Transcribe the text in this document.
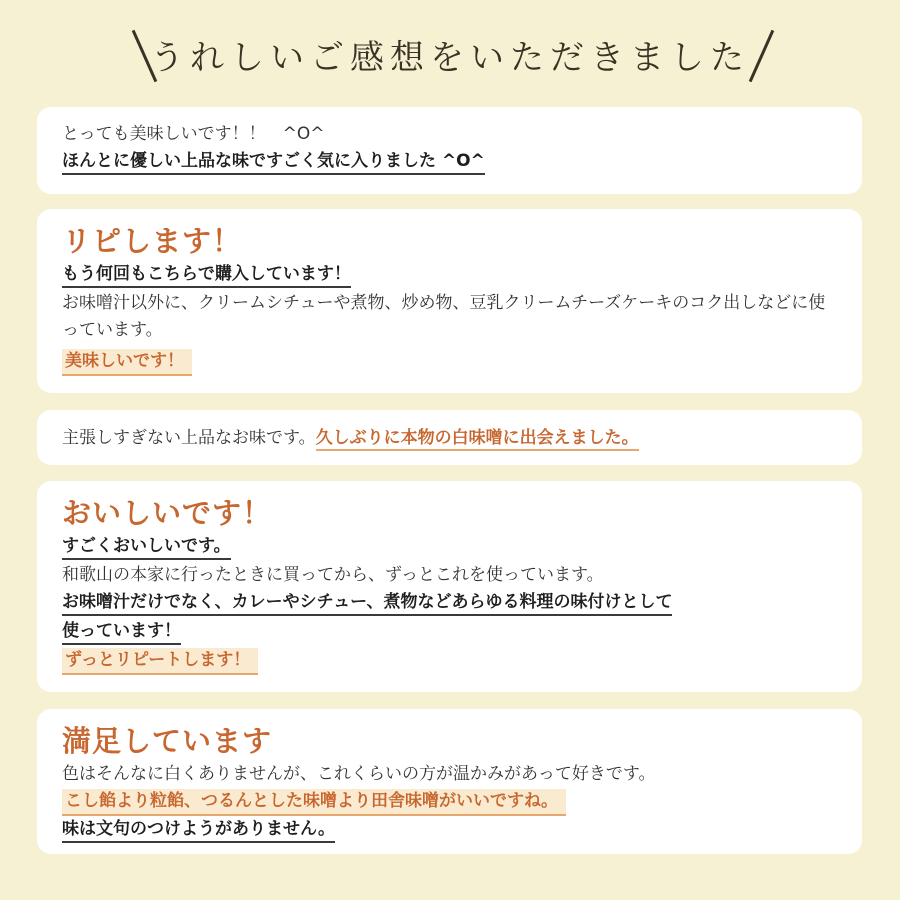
うれしいご感想をいただきました
とっても美味しいです！！　^O^
ほんとに優しい上品な味ですごく気に入りました ^O^
リピします！
もう何回もこちらで購入しています！
お味噌汁以外に、クリームシチューや煮物、炒め物、豆乳クリームチーズケーキのコク出しなどに使っています。
美味しいです！
主張しすぎない上品なお味です。久しぶりに本物の白味噌に出会えました。
おいしいです！
すごくおいしいです。
和歌山の本家に行ったときに買ってから、ずっとこれを使っています。
お味噌汁だけでなく、カレーやシチュー、煮物などあらゆる料理の味付けとして
使っています！
ずっとリピートします！
満足しています
色はそんなに白くありませんが、これくらいの方が温かみがあって好きです。
こし餡より粒餡、つるんとした味噌より田舎味噌がいいですね。
味は文句のつけようがありません。
